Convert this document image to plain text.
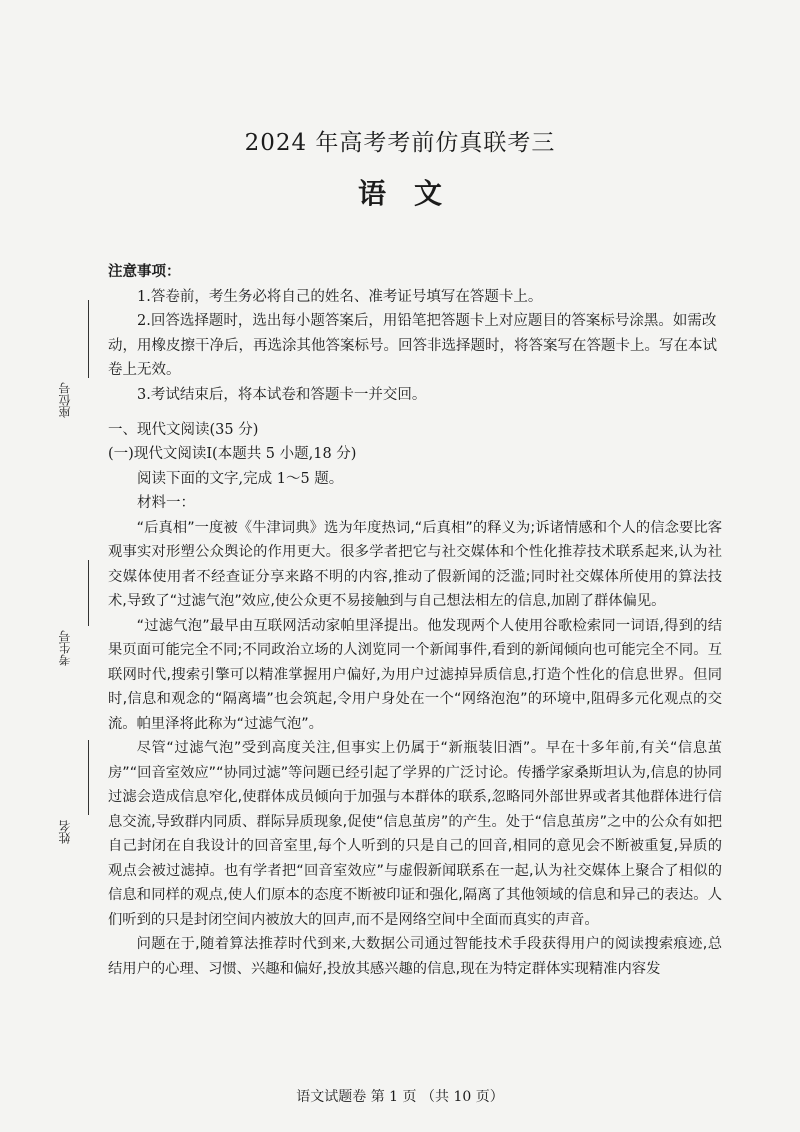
座位号
考生号
姓名
2024 年高考考前仿真联考三
语文

注意事项：

1.答卷前，考生务必将自己的姓名、准考证号填写在答题卡上。

2.回答选择题时，选出每小题答案后，用铅笔把答题卡上对应题目的答案标号涂黑。如需改动，用橡皮擦干净后，再选涂其他答案标号。回答非选择题时，将答案写在答题卡上。写在本试卷上无效。

3.考试结束后，将本试卷和答题卡一并交回。

一、现代文阅读(35 分)

(一)现代文阅读Ⅰ(本题共 5 小题,18 分)

阅读下面的文字,完成 1～5 题。

材料一：

“后真相”一度被《牛津词典》选为年度热词,“后真相”的释义为;诉诸情感和个人的信念要比客观事实对形塑公众舆论的作用更大。很多学者把它与社交媒体和个性化推荐技术联系起来,认为社交媒体使用者不经查证分享来路不明的内容,推动了假新闻的泛滥;同时社交媒体所使用的算法技术,导致了“过滤气泡”效应,使公众更不易接触到与自己想法相左的信息,加剧了群体偏见。

“过滤气泡”最早由互联网活动家帕里泽提出。他发现两个人使用谷歌检索同一词语,得到的结果页面可能完全不同;不同政治立场的人浏览同一个新闻事件,看到的新闻倾向也可能完全不同。互联网时代,搜索引擎可以精准掌握用户偏好,为用户过滤掉异质信息,打造个性化的信息世界。但同时,信息和观念的“隔离墙”也会筑起,令用户身处在一个“网络泡泡”的环境中,阻碍多元化观点的交流。帕里泽将此称为“过滤气泡”。

尽管“过滤气泡”受到高度关注,但事实上仍属于“新瓶装旧酒”。早在十多年前,有关“信息茧房”“回音室效应”“协同过滤”等问题已经引起了学界的广泛讨论。传播学家桑斯坦认为,信息的协同过滤会造成信息窄化,使群体成员倾向于加强与本群体的联系,忽略同外部世界或者其他群体进行信息交流,导致群内同质、群际异质现象,促使“信息茧房”的产生。处于“信息茧房”之中的公众有如把自己封闭在自我设计的回音室里,每个人听到的只是自己的回音,相同的意见会不断被重复,异质的观点会被过滤掉。也有学者把“回音室效应”与虚假新闻联系在一起,认为社交媒体上聚合了相似的信息和同样的观点,使人们原本的态度不断被印证和强化,隔离了其他领域的信息和异己的表达。人们听到的只是封闭空间内被放大的回声,而不是网络空间中全面而真实的声音。

问题在于,随着算法推荐时代到来,大数据公司通过智能技术手段获得用户的阅读搜索痕迹,总结用户的心理、习惯、兴趣和偏好,投放其感兴趣的信息,现在为特定群体实现精准内容发

语文试题卷 第 1 页 （共 10 页）
